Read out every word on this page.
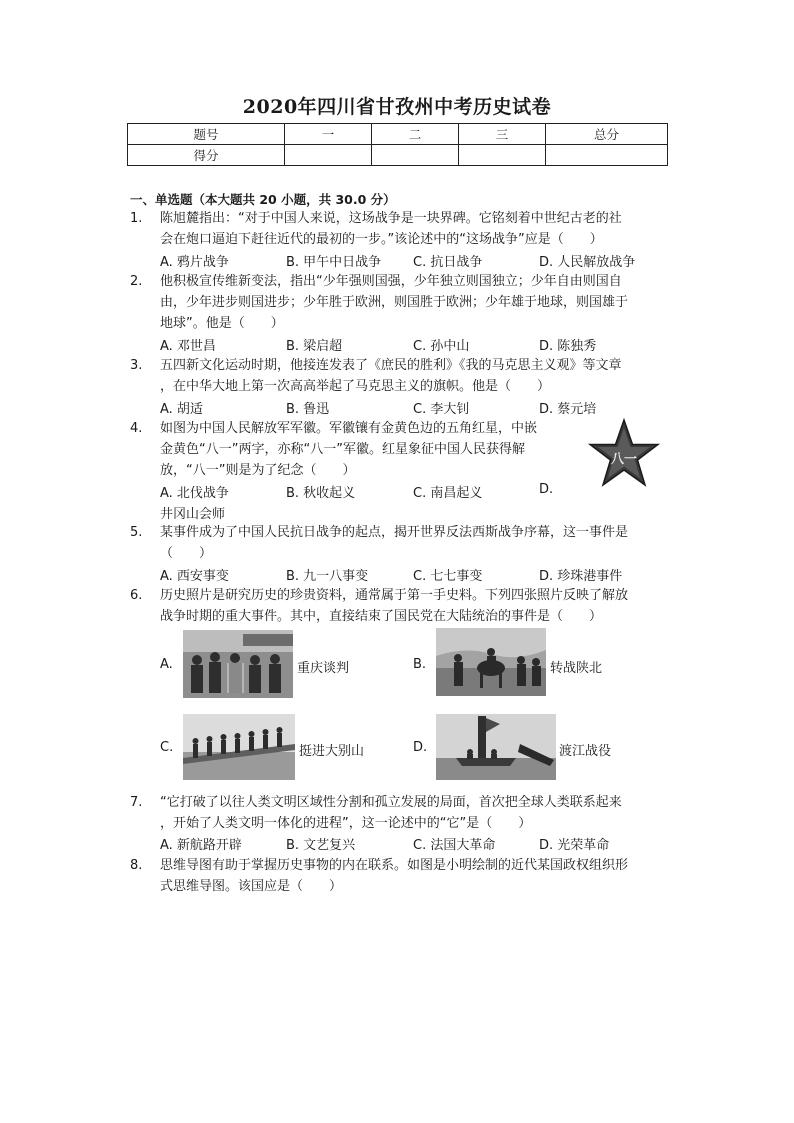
2020年四川省甘孜州中考历史试卷
题号	一	二	三	总分
得分				
一、单选题（本大题共 20 小题，共 30.0 分）
1.	陈旭麓指出：“对于中国人来说，这场战争是一块界碑。它铭刻着中世纪古老的社
会在炮口逼迫下赶往近代的最初的一步。”该论述中的“这场战争”应是（　　）
A. 鸦片战争	B. 甲午中日战争 C. 抗日战争	D. 人民解放战争
2.	他积极宣传维新变法，指出“少年强则国强，少年独立则国独立；少年自由则国自
由，少年进步则国进步；少年胜于欧洲，则国胜于欧洲；少年雄于地球，则国雄于
地球”。他是（　　）
A. 邓世昌	B. 梁启超	C. 孙中山	D. 陈独秀
3.	五四新文化运动时期，他接连发表了《庶民的胜利》《我的马克思主义观》等文章
，在中华大地上第一次高高举起了马克思主义的旗帜。他是（　　）
A. 胡适	B. 鲁迅	C. 李大钊	D. 蔡元培
4.	如图为中国人民解放军军徽。军徽镶有金黄色边的五角红星，中嵌
金黄色“八一”两字，亦称“八一”军徽。红星象征中国人民获得解
放，“八一”则是为了纪念（　　）
A. 北伐战争	B. 秋收起义	C. 南昌起义	D.
井冈山会师
八一
5.	某事件成为了中国人民抗日战争的起点，揭开世界反法西斯战争序幕，这一事件是
（　　）
A. 西安事变	B. 九一八事变	C. 七七事变	D. 珍珠港事件
6.	历史照片是研究历史的珍贵资料，通常属于第一手史料。下列四张照片反映了解放
战争时期的重大事件。其中，直接结束了国民党在大陆统治的事件是（　　）
A.	重庆谈判	B.	转战陕北
C.	挺进大别山	D.	渡江战役
7.	“它打破了以往人类文明区域性分割和孤立发展的局面，首次把全球人类联系起来
，开始了人类文明一体化的进程”，这一论述中的“它”是（　　）
A. 新航路开辟	B. 文艺复兴	C. 法国大革命	D. 光荣革命
8.	思维导图有助于掌握历史事物的内在联系。如图是小明绘制的近代某国政权组织形
式思维导图。该国应是（　　）
